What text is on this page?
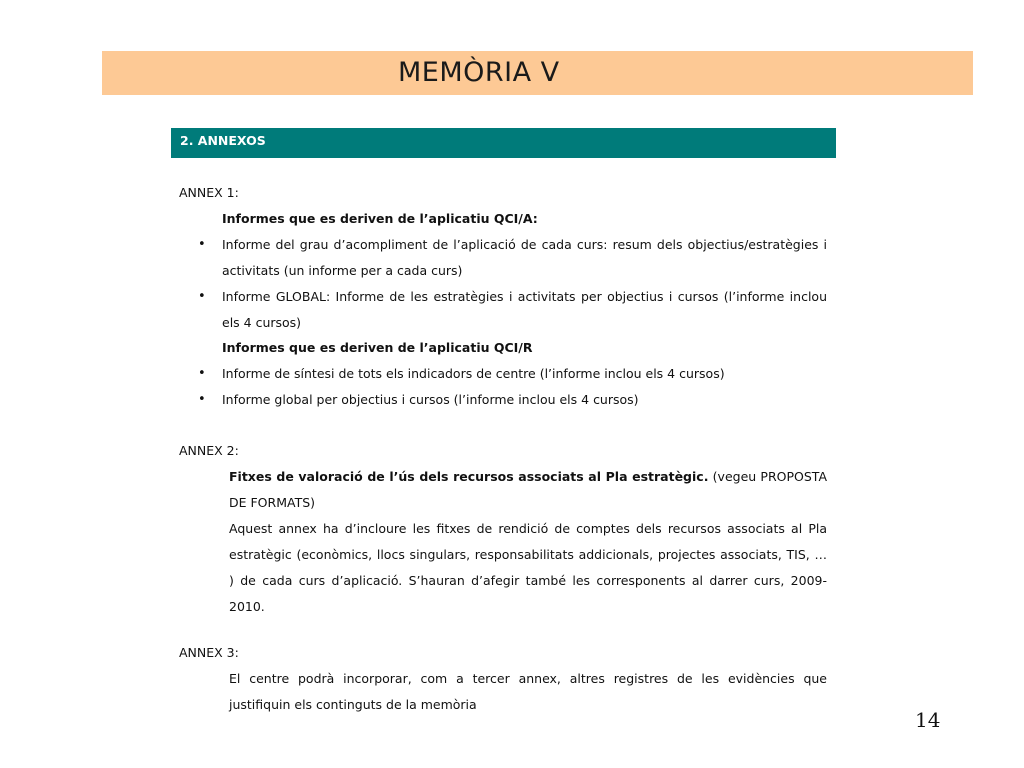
MEMÒRIA V
2. ANNEXOS
ANNEX 1:
Informes que es deriven de l’aplicatiu QCI/A:
• Informe del grau d’acompliment de l’aplicació de cada curs: resum dels objectius/estratègies i
activitats (un informe per a cada curs)
• Informe GLOBAL: Informe de les estratègies i activitats per objectius i cursos (l’informe inclou
els 4 cursos)
Informes que es deriven de l’aplicatiu QCI/R
• Informe de síntesi de tots els indicadors de centre (l’informe inclou els 4 cursos)
• Informe global per objectius i cursos (l’informe inclou els 4 cursos)
ANNEX 2:
Fitxes de valoració de l’ús dels recursos associats al Pla estratègic. (vegeu PROPOSTA
DE FORMATS)
Aquest annex ha d’incloure les fitxes de rendició de comptes dels recursos associats al Pla
estratègic (econòmics, llocs singulars, responsabilitats addicionals, projectes associats, TIS, …
) de cada curs d’aplicació. S’hauran d’afegir també les corresponents al darrer curs, 2009-
2010.
ANNEX 3:
El centre podrà incorporar, com a tercer annex, altres registres de les evidències que
justifiquin els continguts de la memòria
14
